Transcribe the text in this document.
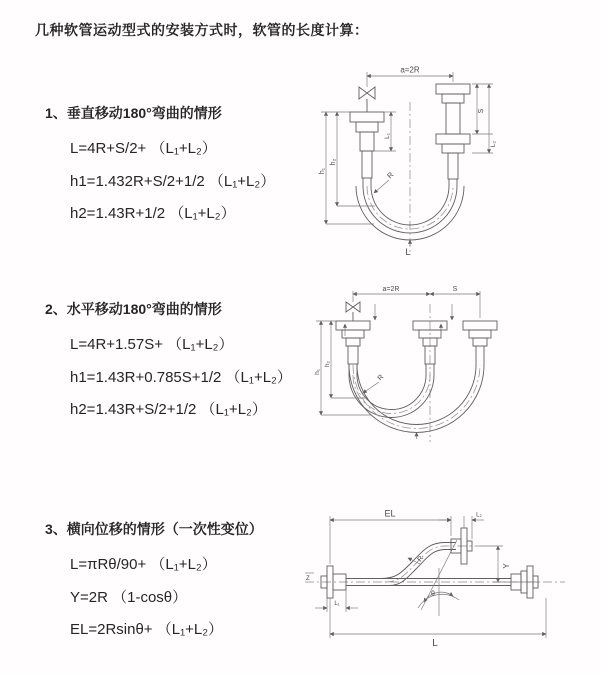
几种软管运动型式的安装方式时，软管的长度计算：
1、垂直移动180°弯曲的情形
L=4R+S/2+ （L₁+L₂）
h1=1.432R+S/2+1/2 （L₁+L₂）
h2=1.43R+1/2 （L₁+L₂）
2、水平移动180°弯曲的情形
L=4R+1.57S+ （L₁+L₂）
h1=1.43R+0.785S+1/2 （L₁+L₂）
h2=1.43R+S/2+1/2 （L₁+L₂）
3、横向位移的情形（一次性变位）
L=πRθ/90+ （L₁+L₂）
Y=2R （1-cosθ）
EL=2Rsinθ+ （L₁+L₂）
a=2R
S
L₂
h₁
h₂
L₁
R
L
a=2R	S
h₁
h₂
R
Z
EL	L₂
Y
L₁
L
θ
R
